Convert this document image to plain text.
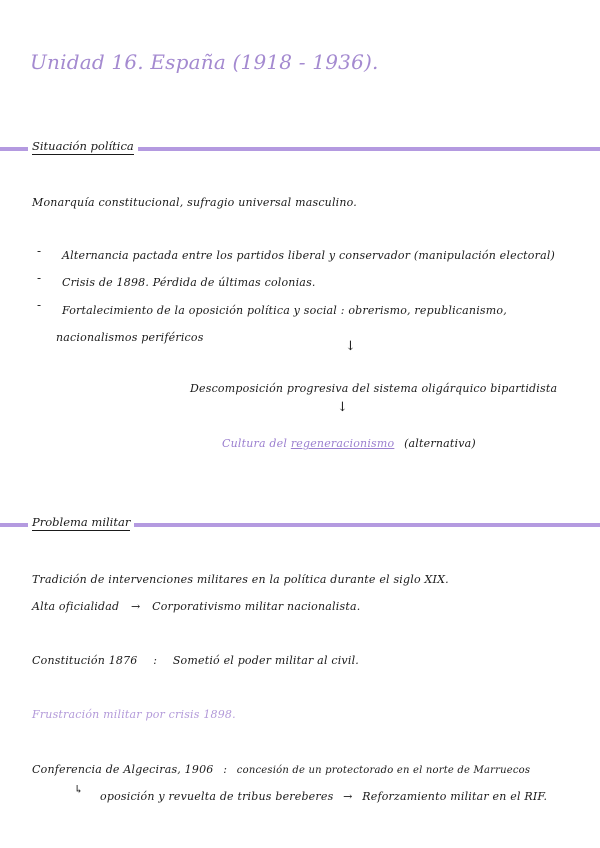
Unidad 16. España (1918 - 1936).
Situación política
Monarquía constitucional, sufragio universal masculino.
- Alternancia pactada entre los partidos liberal y conservador (manipulación electoral)
- Crisis de 1898. Pérdida de últimas colonias.
- Fortalecimiento de la oposición política y social : obrerismo, republicanismo,
nacionalismos periféricos
↓
Descomposición progresiva del sistema oligárquico bipartidista
↓
Cultura del regeneracionismo (alternativa)
Problema militar
Tradición de intervenciones militares en la política durante el siglo XIX.
Alta oficialidad → Corporativismo militar nacionalista.
Constitución 1876 : Sometió el poder militar al civil.
Frustración militar por crisis 1898.
Conferencia de Algeciras, 1906 : concesión de un protectorado en el norte de Marruecos
↳
oposición y revuelta de tribus bereberes → Reforzamiento militar en el RIF.
